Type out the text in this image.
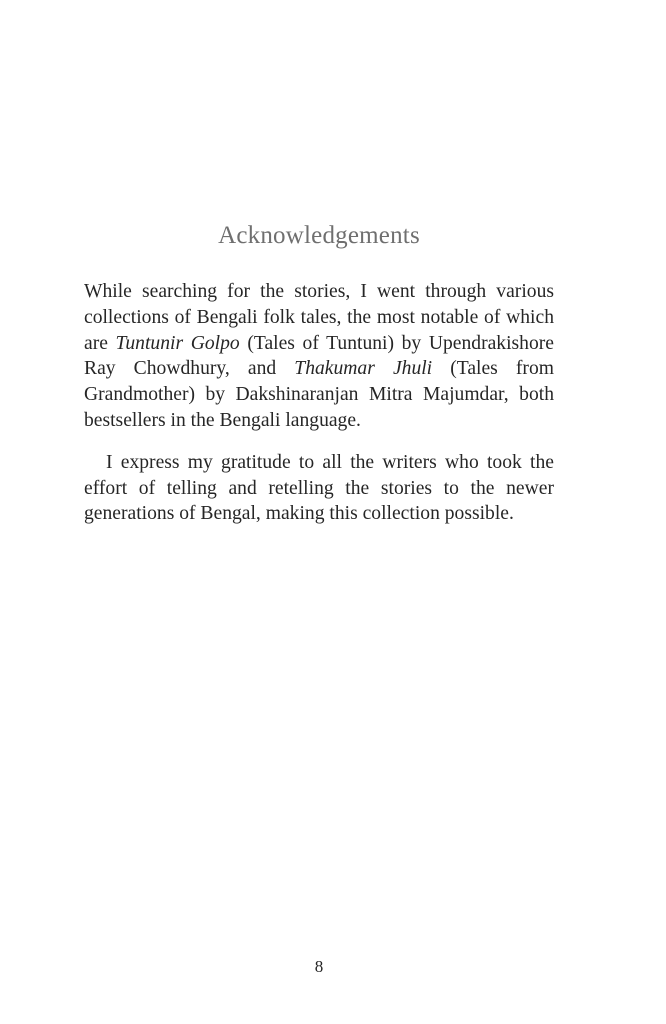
Acknowledgements

While searching for the stories, I went through various collections of Bengali folk tales, the most notable of which are Tuntunir Golpo (Tales of Tuntuni) by Upendrakishore Ray Chowdhury, and Thakumar Jhuli (Tales from Grandmother) by Dakshinaranjan Mitra Majumdar, both bestsellers in the Bengali language.

I express my gratitude to all the writers who took the effort of telling and retelling the stories to the newer generations of Bengal, making this collection possible.

8
